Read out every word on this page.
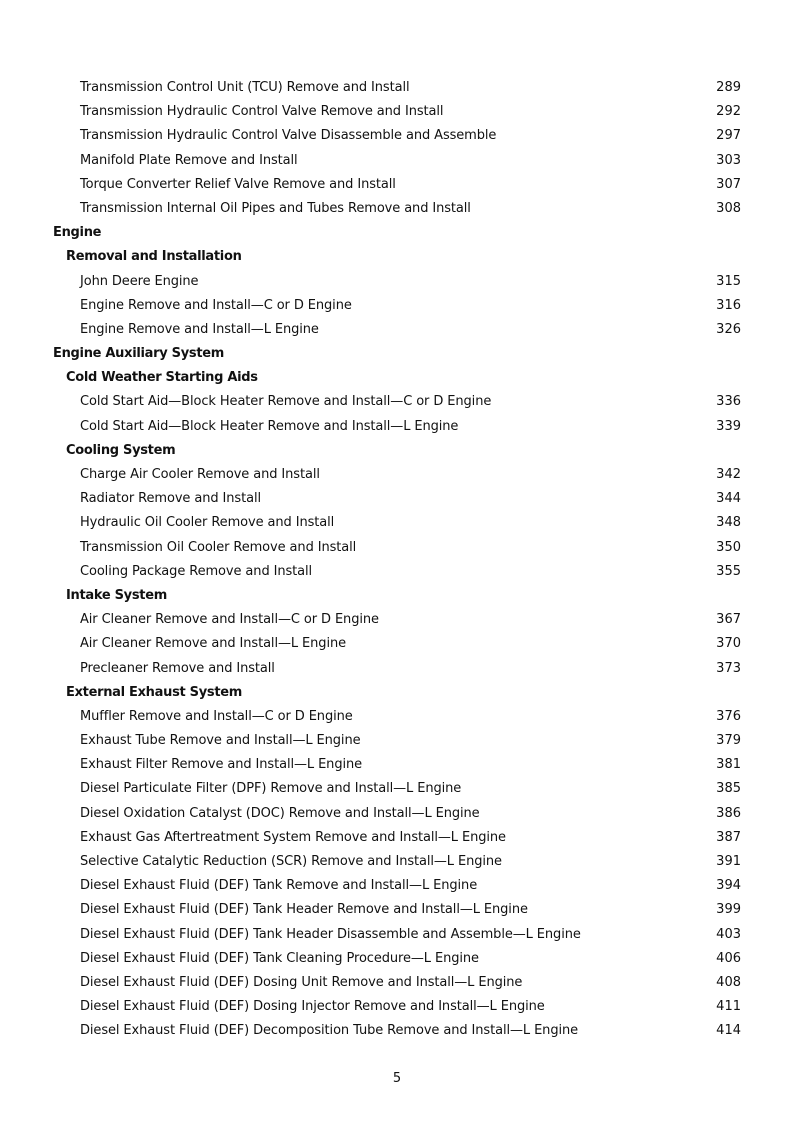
Transmission Control Unit (TCU) Remove and Install	289
Transmission Hydraulic Control Valve Remove and Install	292
Transmission Hydraulic Control Valve Disassemble and Assemble	297
Manifold Plate Remove and Install	303
Torque Converter Relief Valve Remove and Install	307
Transmission Internal Oil Pipes and Tubes Remove and Install	308
Engine
Removal and Installation
John Deere Engine	315
Engine Remove and Install—C or D Engine	316
Engine Remove and Install—L Engine	326
Engine Auxiliary System
Cold Weather Starting Aids
Cold Start Aid—Block Heater Remove and Install—C or D Engine	336
Cold Start Aid—Block Heater Remove and Install—L Engine	339
Cooling System
Charge Air Cooler Remove and Install	342
Radiator Remove and Install	344
Hydraulic Oil Cooler Remove and Install	348
Transmission Oil Cooler Remove and Install	350
Cooling Package Remove and Install	355
Intake System
Air Cleaner Remove and Install—C or D Engine	367
Air Cleaner Remove and Install—L Engine	370
Precleaner Remove and Install	373
External Exhaust System
Muffler Remove and Install—C or D Engine	376
Exhaust Tube Remove and Install—L Engine	379
Exhaust Filter Remove and Install—L Engine	381
Diesel Particulate Filter (DPF) Remove and Install—L Engine	385
Diesel Oxidation Catalyst (DOC) Remove and Install—L Engine	386
Exhaust Gas Aftertreatment System Remove and Install—L Engine	387
Selective Catalytic Reduction (SCR) Remove and Install—L Engine	391
Diesel Exhaust Fluid (DEF) Tank Remove and Install—L Engine	394
Diesel Exhaust Fluid (DEF) Tank Header Remove and Install—L Engine	399
Diesel Exhaust Fluid (DEF) Tank Header Disassemble and Assemble—L Engine	403
Diesel Exhaust Fluid (DEF) Tank Cleaning Procedure—L Engine	406
Diesel Exhaust Fluid (DEF) Dosing Unit Remove and Install—L Engine	408
Diesel Exhaust Fluid (DEF) Dosing Injector Remove and Install—L Engine	411
Diesel Exhaust Fluid (DEF) Decomposition Tube Remove and Install—L Engine	414
5
